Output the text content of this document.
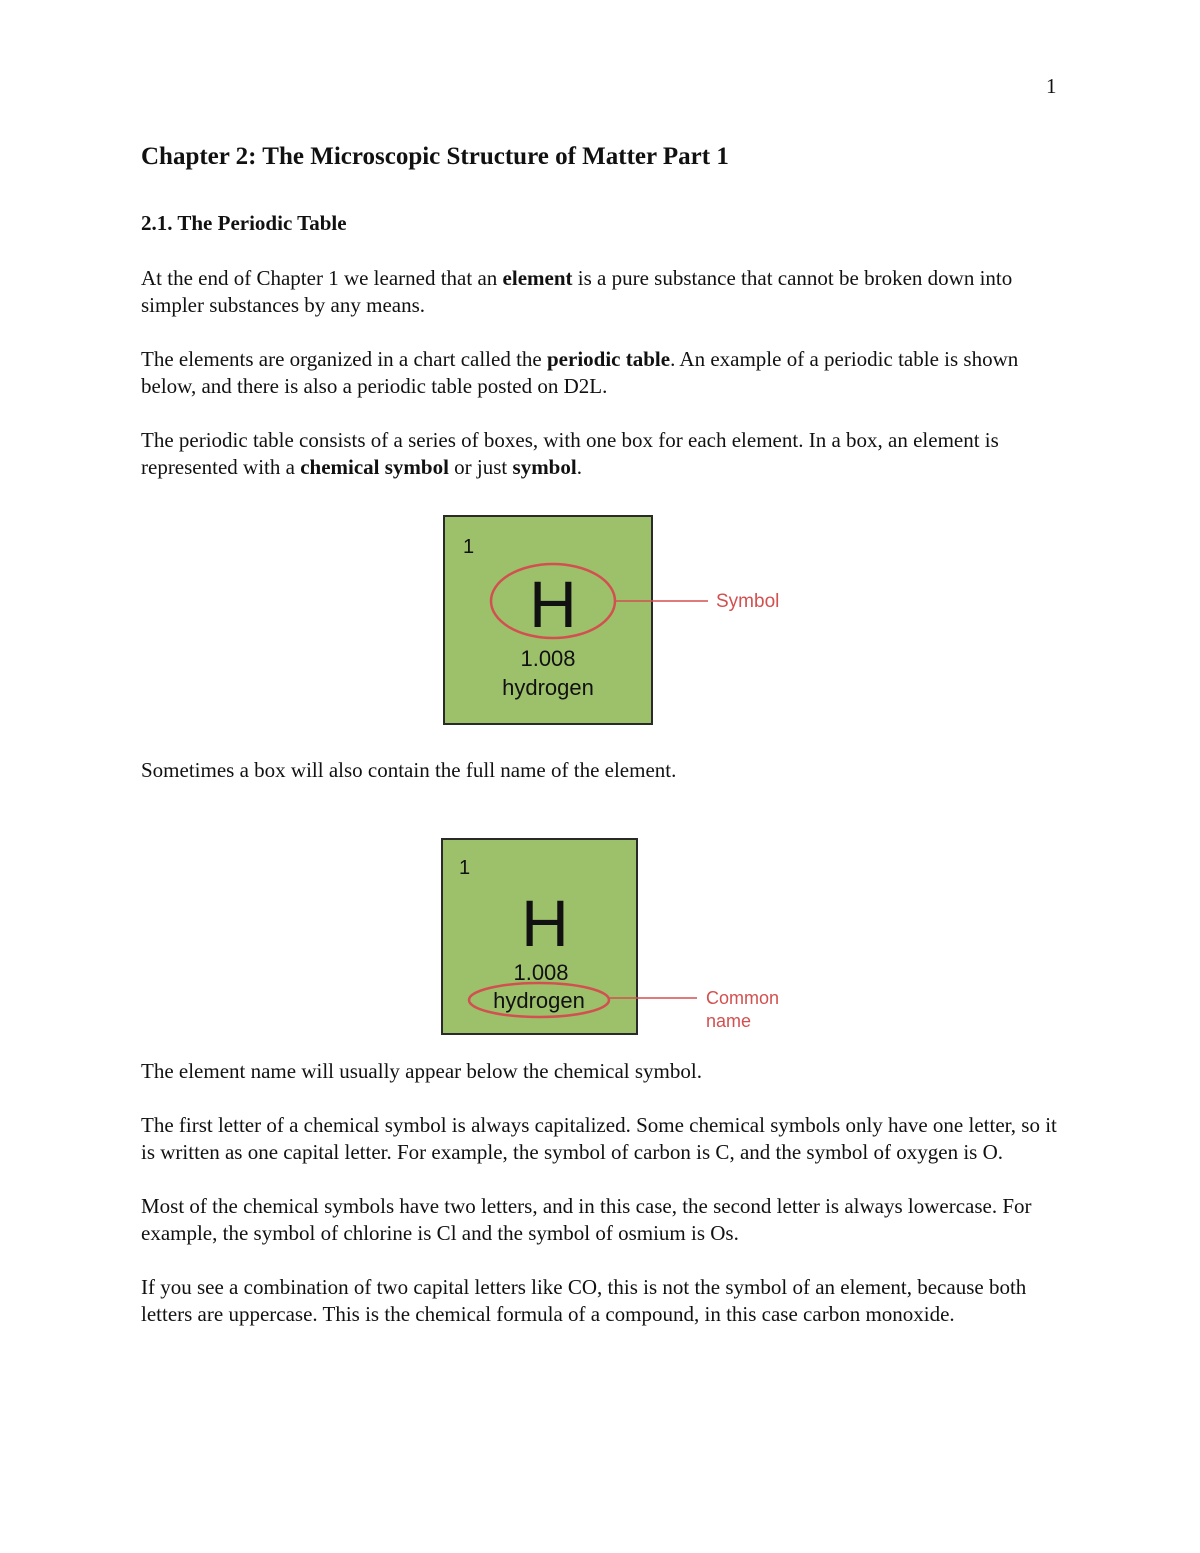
1
Chapter 2: The Microscopic Structure of Matter Part 1
2.1. The Periodic Table

At the end of Chapter 1 we learned that an element is a pure substance that cannot be broken down into simpler substances by any means.

The elements are organized in a chart called the periodic table. An example of a periodic table is shown below, and there is also a periodic table posted on D2L.

The periodic table consists of a series of boxes, with one box for each element. In a box, an element is represented with a chemical symbol or just symbol.

1
H
1.008
hydrogen
Symbol

Sometimes a box will also contain the full name of the element.

1
H
1.008
hydrogen	Common
name

The element name will usually appear below the chemical symbol.

The first letter of a chemical symbol is always capitalized. Some chemical symbols only have one letter, so it is written as one capital letter. For example, the symbol of carbon is C, and the symbol of oxygen is O.

Most of the chemical symbols have two letters, and in this case, the second letter is always lowercase. For example, the symbol of chlorine is Cl and the symbol of osmium is Os.

If you see a combination of two capital letters like CO, this is not the symbol of an element, because both letters are uppercase. This is the chemical formula of a compound, in this case carbon monoxide.
